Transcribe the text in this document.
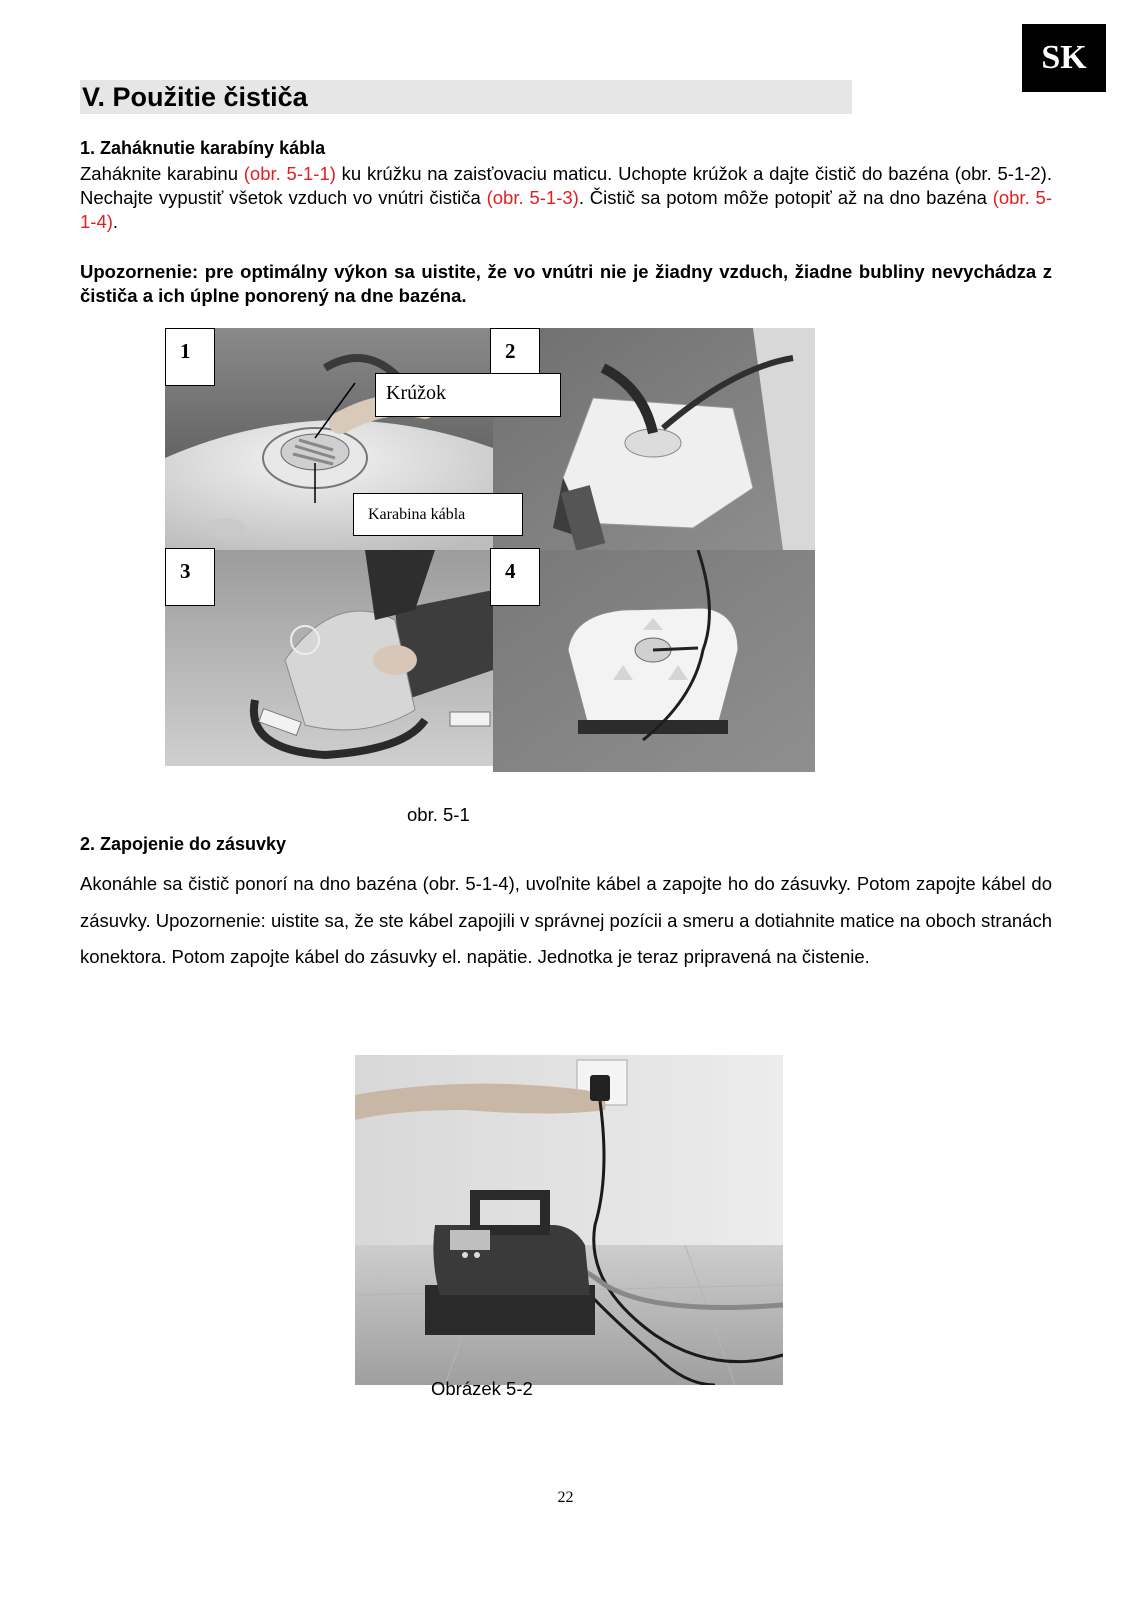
SK
V. Použitie čističa
1. Zaháknutie karabíny kábla
Zaháknite karabinu (obr. 5-1-1) ku krúžku na zaisťovaciu maticu. Uchopte krúžok a dajte čistič do bazéna (obr. 5-1-2). Nechajte vypustiť všetok vzduch vo vnútri čističa (obr. 5-1-3). Čistič sa potom môže potopiť až na dno bazéna (obr. 5-1-4).
Upozornenie: pre optimálny výkon sa uistite, že vo vnútri nie je žiadny vzduch, žiadne bubliny nevychádza z čističa a ich úplne ponorený na dne bazéna.
1	2
3	4
Krúžok
Karabina kábla
obr. 5-1
2. Zapojenie do zásuvky
Akonáhle sa čistič ponorí na dno bazéna (obr. 5-1-4), uvoľnite kábel a zapojte ho do zásuvky. Potom zapojte kábel do zásuvky. Upozornenie: uistite sa, že ste kábel zapojili v správnej pozícii a smeru a dotiahnite matice na oboch stranách konektora. Potom zapojte kábel do zásuvky el. napätie. Jednotka je teraz pripravená na čistenie.
Obrázek 5-2
22
